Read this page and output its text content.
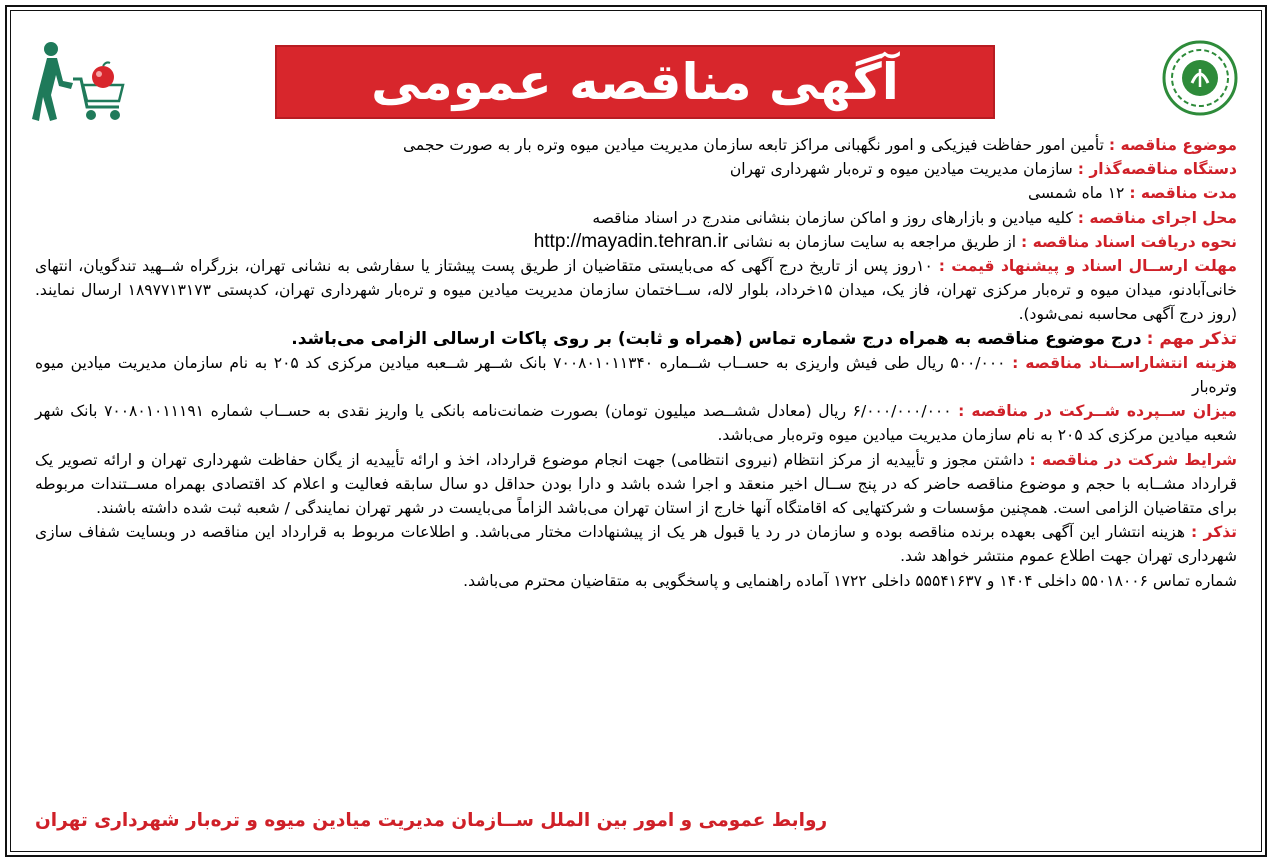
آگهی مناقصه عمومی

موضوع مناقصه : تأمین امور حفاظت فیزیکی و امور نگهبانی مراکز تابعه سازمان مدیریت میادین میوه وتره بار به صورت حجمی

دستگاه مناقصه‌گذار : سازمان مدیریت میادین میوه و تره‌بار شهرداری تهران

مدت مناقصه : ۱۲ ماه شمسی

محل اجرای مناقصه : کلیه میادین و بازارهای روز و اماکن سازمان بنشانی مندرج در اسناد مناقصه

نحوه دریافت اسناد مناقصه : از طریق مراجعه به سایت سازمان به نشانی http://mayadin.tehran.ir

مهلت ارســال اسناد و پیشنهاد قیمت : ۱۰روز پس از تاریخ درج آگهی که می‌بایستی متقاضیان از طریق پست پیشتاز یا سفارشی به نشانی تهران، بزرگراه شــهید تندگویان، انتهای خانی‌آبادنو، میدان میوه و تره‌بار مرکزی تهران، فاز یک، میدان ۱۵خرداد، بلوار لاله، ســاختمان سازمان مدیریت میادین میوه و تره‌بار شهرداری تهران، کدپستی ۱۸۹۷۷۱۳۱۷۳ ارسال نمایند. (روز درج آگهی محاسبه نمی‌شود).

تذکر مهم : درج موضوع مناقصه به همراه درج شماره تماس (همراه و ثابت) بر روی پاکات ارسالی الزامی می‌باشد.

هزینه انتشاراســناد مناقصه : ۵۰۰/۰۰۰ ریال طی فیش واریزی به حســاب شــماره ۷۰۰۸۰۱۰۱۱۳۴۰ بانک شــهر شــعبه میادین مرکزی کد ۲۰۵ به نام سازمان مدیریت میادین میوه وتره‌بار

میزان ســپرده شــرکت در مناقصه : ۶/۰۰۰/۰۰۰/۰۰۰ ریال (معادل ششــصد میلیون تومان) بصورت ضمانت‌نامه بانکی یا واریز نقدی به حســاب شماره ۷۰۰۸۰۱۰۱۱۱۹۱ بانک شهر شعبه میادین مرکزی کد ۲۰۵ به نام سازمان مدیریت میادین میوه وتره‌بار می‌باشد.

شرایط شرکت در مناقصه : داشتن مجوز و تأییدیه از مرکز انتظام (نیروی انتظامی) جهت انجام موضوع قرارداد، اخذ و ارائه تأییدیه از یگان حفاظت شهرداری تهران و ارائه تصویر یک قرارداد مشــابه با حجم و موضوع مناقصه حاضر که در پنج ســال اخیر منعقد و اجرا شده باشد و دارا بودن حداقل دو سال سابقه فعالیت و اعلام کد اقتصادی بهمراه مســتندات مربوطه برای متقاضیان الزامی است. همچنین مؤسسات و شرکتهایی که اقامتگاه آنها خارج از استان تهران می‌باشد الزاماً می‌بایست در شهر تهران نمایندگی / شعبه ثبت شده داشته باشند.

تذکر : هزینه انتشار این آگهی بعهده برنده مناقصه بوده و سازمان در رد یا قبول هر یک از پیشنهادات مختار می‌باشد. و اطلاعات مربوط به قرارداد این مناقصه در وبسایت شفاف سازی شهرداری تهران جهت اطلاع عموم منتشر خواهد شد.

شماره تماس ۵۵۰۱۸۰۰۶ داخلی ۱۴۰۴ و ۵۵۵۴۱۶۳۷ داخلی ۱۷۲۲ آماده راهنمایی و پاسخگویی به متقاضیان محترم می‌باشد.

روابط عمومی و امور بین الملل ســازمان مدیریت میادین میوه و تره‌بار شهرداری تهران
